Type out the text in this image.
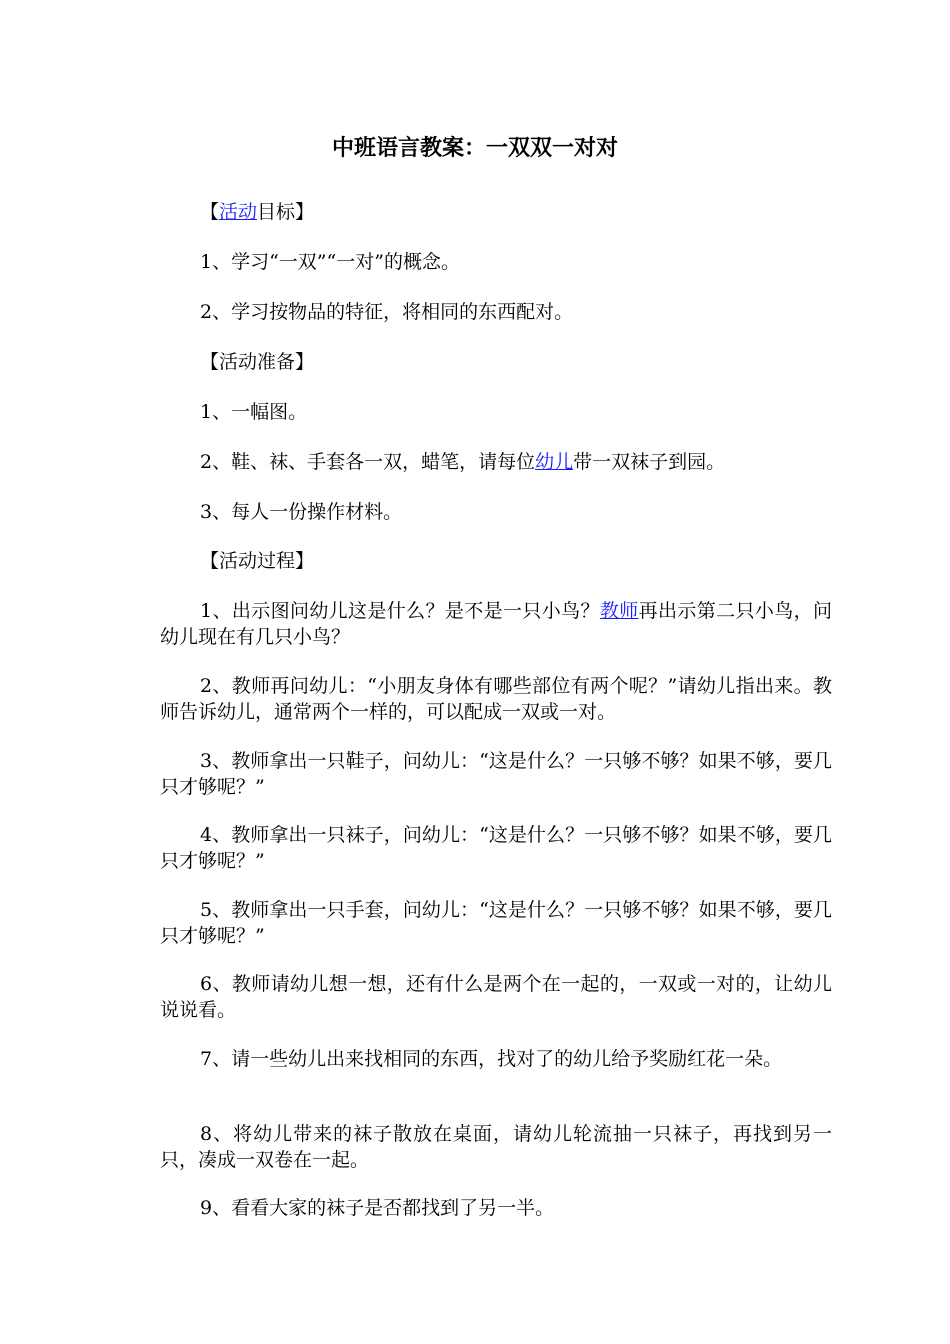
中班语言教案：一双双一对对
【活动目标】
1、学习“一双”“一对”的概念。
2、学习按物品的特征，将相同的东西配对。
【活动准备】
1、一幅图。
2、鞋、袜、手套各一双，蜡笔，请每位幼儿带一双袜子到园。
3、每人一份操作材料。
【活动过程】
1、出示图问幼儿这是什么？是不是一只小鸟？教师再出示第二只小鸟，问幼儿现在有几只小鸟？
2、教师再问幼儿：“小朋友身体有哪些部位有两个呢？”请幼儿指出来。教师告诉幼儿，通常两个一样的，可以配成一双或一对。
3、教师拿出一只鞋子，问幼儿：“这是什么？一只够不够？如果不够，要几只才够呢？”
4、教师拿出一只袜子，问幼儿：“这是什么？一只够不够？如果不够，要几只才够呢？”
5、教师拿出一只手套，问幼儿：“这是什么？一只够不够？如果不够，要几只才够呢？”
6、教师请幼儿想一想，还有什么是两个在一起的，一双或一对的，让幼儿说说看。
7、请一些幼儿出来找相同的东西，找对了的幼儿给予奖励红花一朵。
8、将幼儿带来的袜子散放在桌面，请幼儿轮流抽一只袜子，再找到另一只，凑成一双卷在一起。
9、看看大家的袜子是否都找到了另一半。
